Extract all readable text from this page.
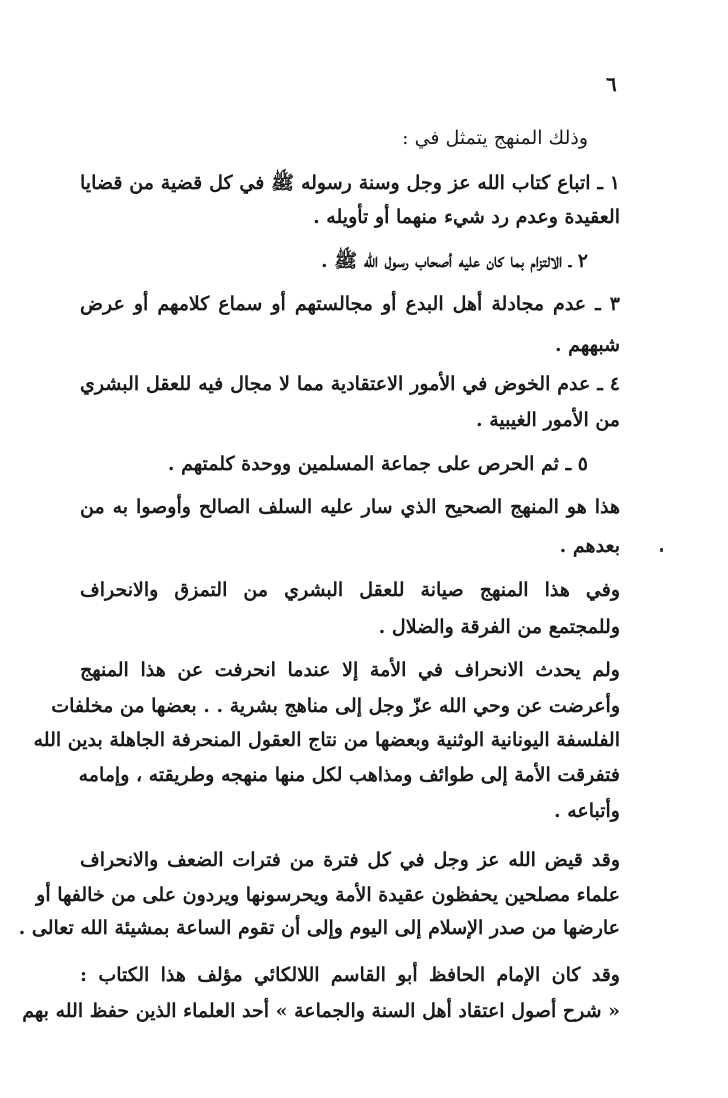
٦
وذلك المنهج يتمثل في :
١ ـ اتباع كتاب الله عز وجل وسنة رسوله ﷺ في كل قضية من قضايا
العقيدة وعدم رد شيء منهما أو تأويله .
٢ ـ الالتزام بما كان عليه أصحاب رسول الله ﷺ .
٣ ـ عدم مجادلة أهل البدع أو مجالستهم أو سماع كلامهم أو عرض
شبههم .
٤ ـ عدم الخوض في الأمور الاعتقادية مما لا مجال فيه للعقل البشري
من الأمور الغيبية .
٥ ـ ثم الحرص على جماعة المسلمين ووحدة كلمتهم .
هذا هو المنهج الصحيح الذي سار عليه السلف الصالح وأوصوا به من
بعدهم .
وفي هذا المنهج صيانة للعقل البشري من التمزق والانحراف
وللمجتمع من الفرقة والضلال .
ولم يحدث الانحراف في الأمة إلا عندما انحرفت عن هذا المنهج
وأعرضت عن وحي الله عزّ وجل إلى مناهج بشرية . . بعضها من مخلفات
الفلسفة اليونانية الوثنية وبعضها من نتاج العقول المنحرفة الجاهلة بدين الله
فتفرقت الأمة إلى طوائف ومذاهب لكل منها منهجه وطريقته ، وإمامه
وأتباعه .
وقد قيض الله عز وجل في كل فترة من فترات الضعف والانحراف
علماء مصلحين يحفظون عقيدة الأمة ويحرسونها ويردون على من خالفها أو
عارضها من صدر الإسلام إلى اليوم وإلى أن تقوم الساعة بمشيئة الله تعالى .
وقد كان الإمام الحافظ أبو القاسم اللالكائي مؤلف هذا الكتاب :
« شرح أصول اعتقاد أهل السنة والجماعة » أحد العلماء الذين حفظ الله بهم
